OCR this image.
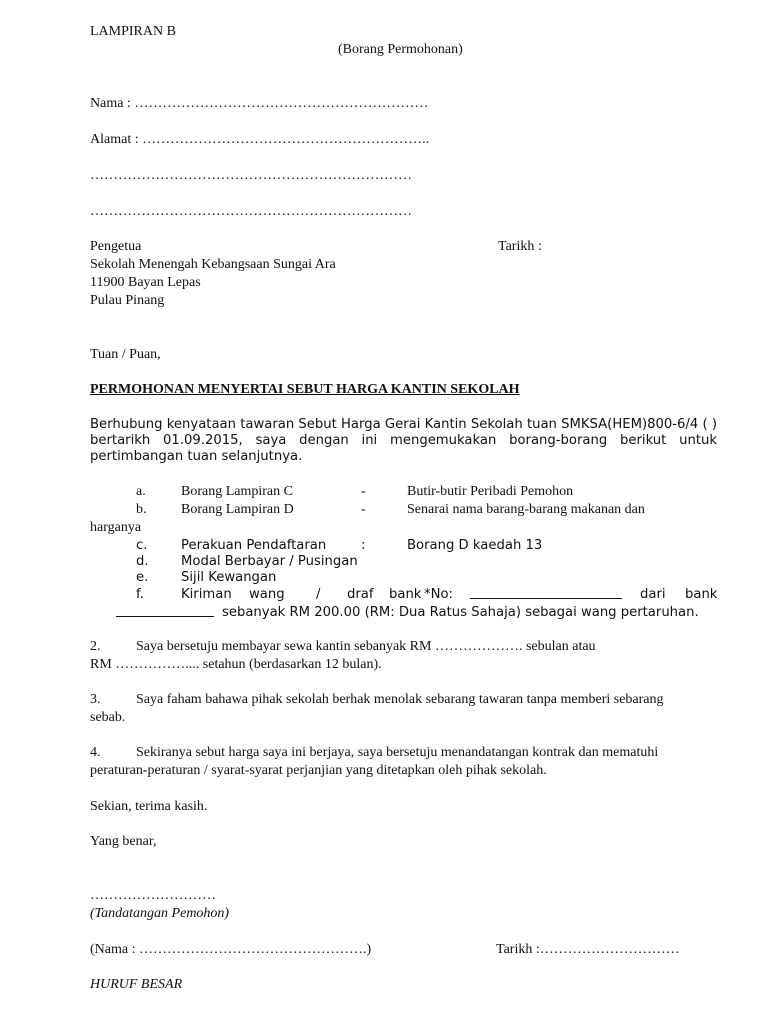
LAMPIRAN B
(Borang Permohonan)
Nama : ………………………………………………………
Alamat : ……………………………………………………..
……………………………………………………………
……………………………………………………………
Pengetua	Tarikh :
Sekolah Menengah Kebangsaan Sungai Ara
11900 Bayan Lepas
Pulau Pinang
Tuan / Puan,
PERMOHONAN MENYERTAI SEBUT HARGA KANTIN SEKOLAH
Berhubung kenyataan tawaran Sebut Harga Gerai Kantin Sekolah tuan SMKSA(HEM)800-6/4 ( ) bertarikh 01.09.2015, saya dengan ini mengemukakan borang-borang berikut untuk pertimbangan tuan selanjutnya.
a.	Borang Lampiran C	-	Butir-butir Peribadi Pemohon
b. Borang Lampiran D	-	Senarai nama barang-barang makanan dan
harganya
c.	Perakuan Pendaftaran	:	Borang D kaedah 13
d. Modal Berbayar / Pusingan
e. Sijil Kewangan
f.	Kiriman wang / draf bank *No:	dari bank
sebanyak RM 200.00 (RM: Dua Ratus Sahaja) sebagai wang pertaruhan.
2.	Saya bersetuju membayar sewa kantin sebanyak RM ………………. sebulan atau
RM …………….... setahun (berdasarkan 12 bulan).
3.	Saya faham bahawa pihak sekolah berhak menolak sebarang tawaran tanpa memberi sebarang
sebab.
4.	Sekiranya sebut harga saya ini berjaya, saya bersetuju menandatangan kontrak dan mematuhi
peraturan-peraturan / syarat-syarat perjanjian yang ditetapkan oleh pihak sekolah.
Sekian, terima kasih.
Yang benar,
………………………
(Tandatangan Pemohon)
(Nama : ………………………………………….)	Tarikh :…………………………
HURUF BESAR
